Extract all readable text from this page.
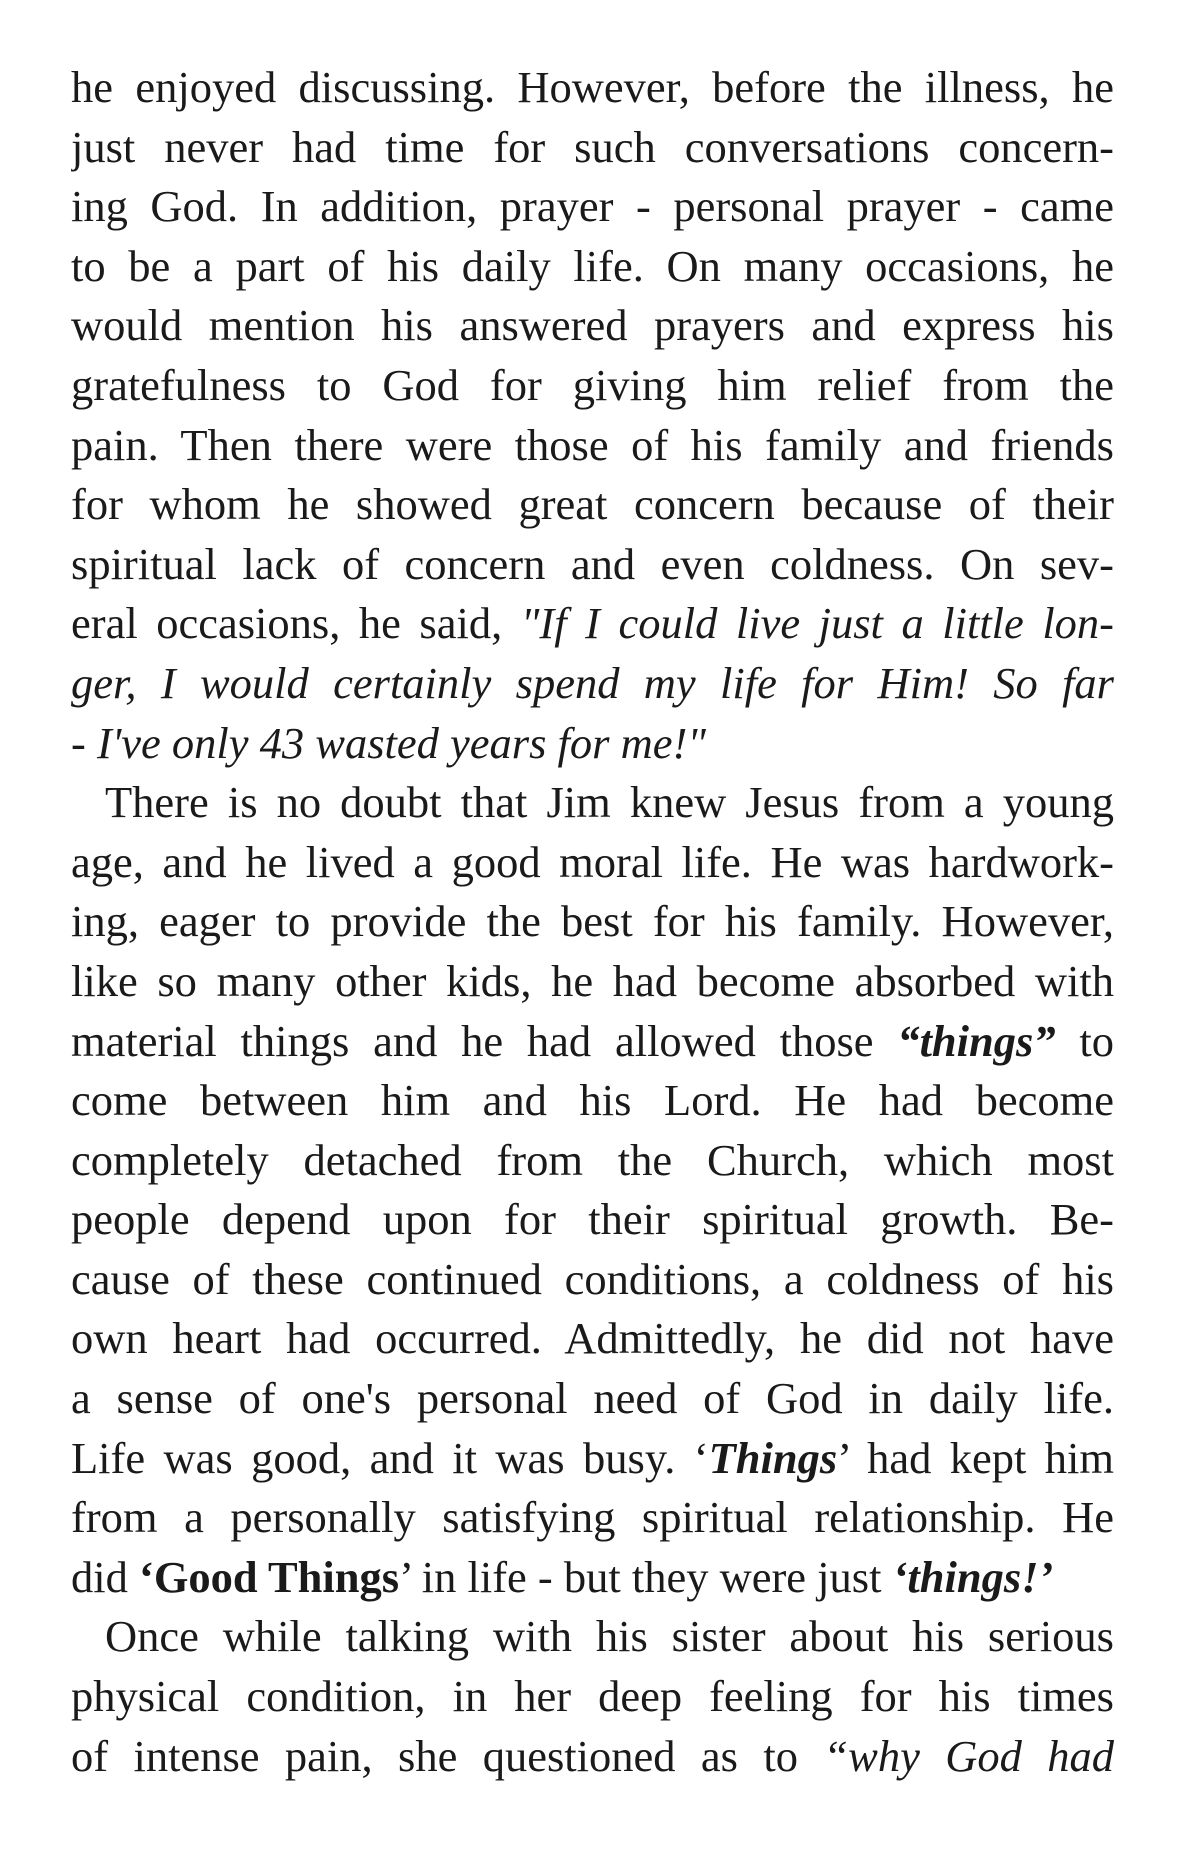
he enjoyed discussing. However, before the illness, he
just never had time for such conversations concern-
ing God. In addition, prayer - personal prayer - came
to be a part of his daily life. On many occasions, he
would mention his answered prayers and express his
gratefulness to God for giving him relief from the
pain. Then there were those of his family and friends
for whom he showed great concern because of their
spiritual lack of concern and even coldness. On sev-
eral occasions, he said, "If I could live just a little lon-
ger, I would certainly spend my life for Him! So far
- I've only 43 wasted years for me!"
There is no doubt that Jim knew Jesus from a young
age, and he lived a good moral life. He was hardwork-
ing, eager to provide the best for his family. However,
like so many other kids, he had become absorbed with
material things and he had allowed those “things” to
come between him and his Lord. He had become
completely detached from the Church, which most
people depend upon for their spiritual growth. Be-
cause of these continued conditions, a coldness of his
own heart had occurred. Admittedly, he did not have
a sense of one's personal need of God in daily life.
Life was good, and it was busy. ‘Things’ had kept him
from a personally satisfying spiritual relationship. He
did ‘Good Things’ in life - but they were just ‘things!’
Once while talking with his sister about his serious
physical condition, in her deep feeling for his times
of intense pain, she questioned as to “why God had
